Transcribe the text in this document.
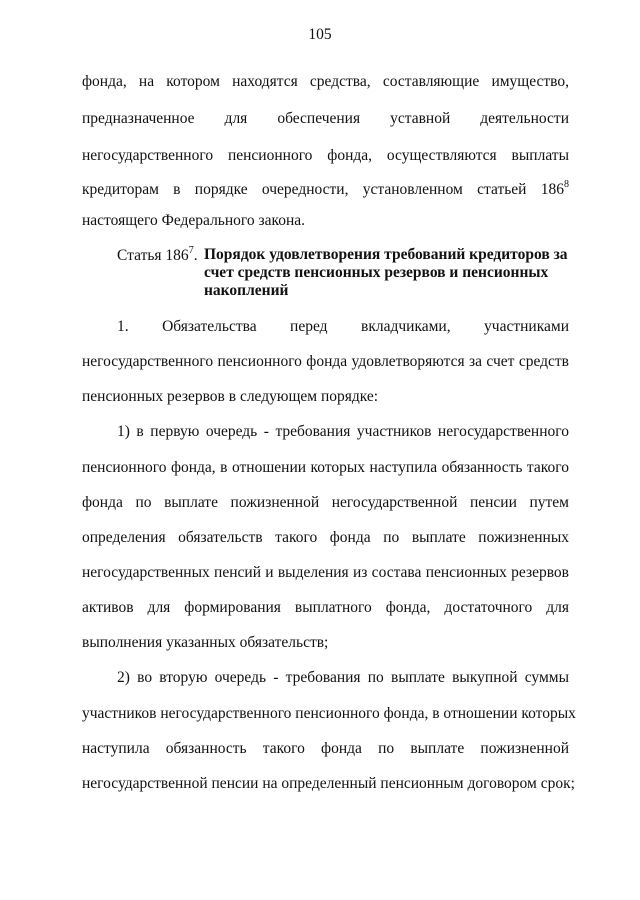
105
фонда, на котором находятся средства, составляющие имущество,
предназначенное для обеспечения уставной деятельности
негосударственного пенсионного фонда, осуществляются выплаты
кредиторам в порядке очередности, установленном статьей $186^8$
настоящего Федерального закона.
Статья $186^7$. Порядок удовлетворения требований кредиторов за счет средств пенсионных резервов и пенсионных накоплений
1. Обязательства перед вкладчиками, участниками
негосударственного пенсионного фонда удовлетворяются за счет средств
пенсионных резервов в следующем порядке:
1) в первую очередь - требования участников негосударственного
пенсионного фонда, в отношении которых наступила обязанность такого
фонда по выплате пожизненной негосударственной пенсии путем
определения обязательств такого фонда по выплате пожизненных
негосударственных пенсий и выделения из состава пенсионных резервов
активов для формирования выплатного фонда, достаточного для
выполнения указанных обязательств;
2) во вторую очередь - требования по выплате выкупной суммы
участников негосударственного пенсионного фонда, в отношении которых
наступила обязанность такого фонда по выплате пожизненной
негосударственной пенсии на определенный пенсионным договором срок;
